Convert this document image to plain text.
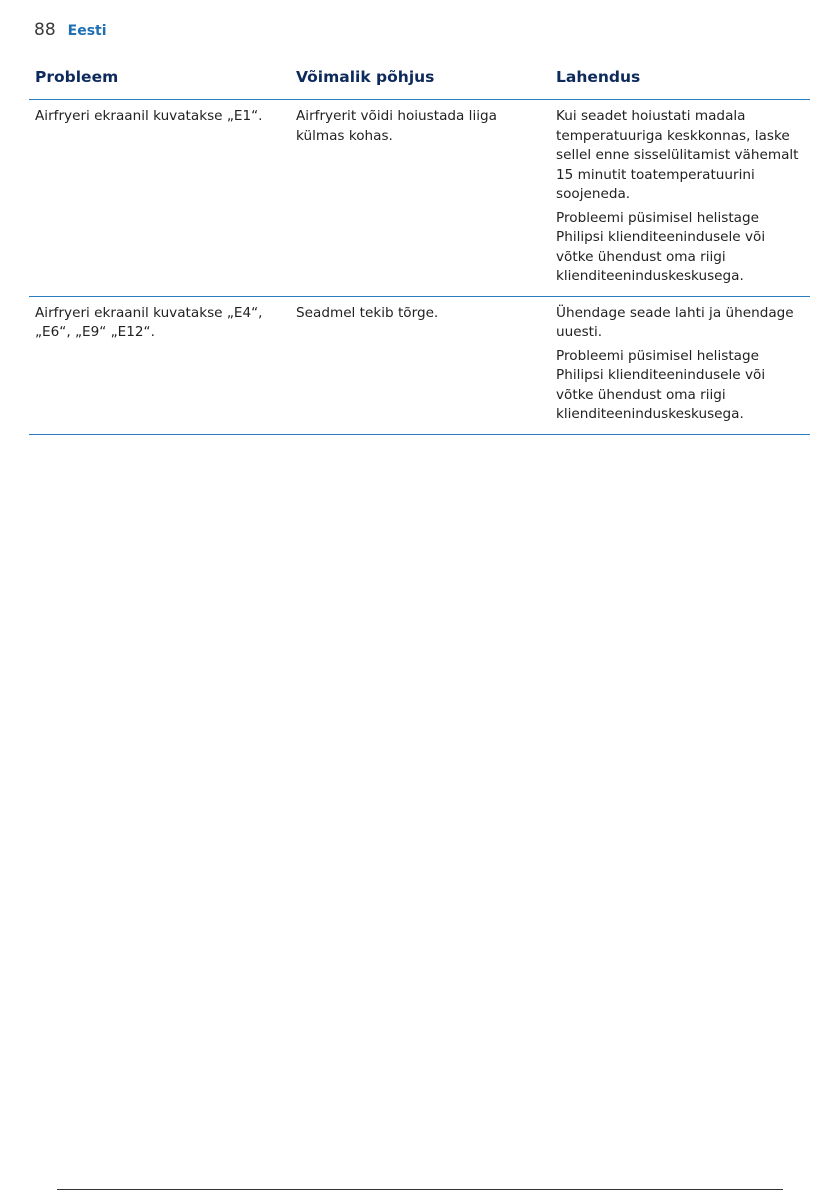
88 Eesti
Probleem	Võimalik põhjus	Lahendus
Airfryeri ekraanil kuvatakse „E1“.	Airfryerit võidi hoiustada liiga külmas kohas.	Kui seadet hoiustati madala temperatuuriga keskkonnas, laske sellel enne sisselülitamist vähemalt 15 minutit toatemperatuurini soojeneda.

Probleemi püsimisel helistage Philipsi klienditeenindusele või võtke ühendust oma riigi klienditeeninduskeskusega.

Airfryeri ekraanil kuvatakse „E4“, „E6“, „E9“ „E12“.	Seadmel tekib tõrge.	Ühendage seade lahti ja ühendage uuesti.

Probleemi püsimisel helistage Philipsi klienditeenindusele või võtke ühendust oma riigi klienditeeninduskeskusega.
